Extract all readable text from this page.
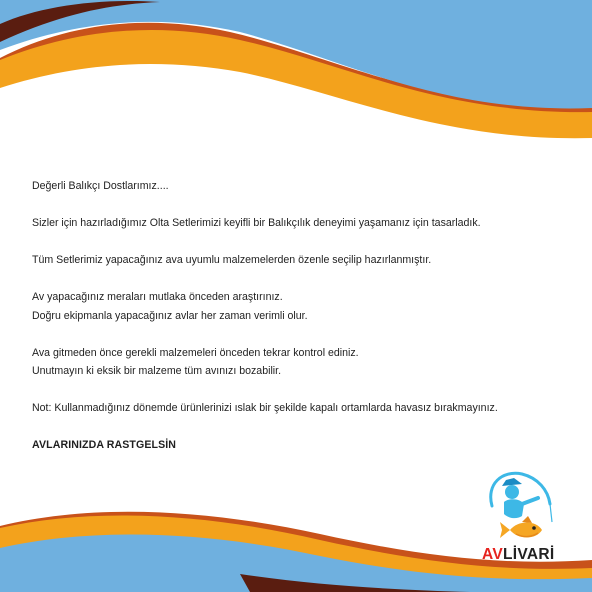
Değerli Balıkçı Dostlarımız....

Sizler için hazırladığımız Olta Setlerimizi keyifli bir Balıkçılık deneyimi yaşamanız için tasarladık.

Tüm Setlerimiz yapacağınız ava uyumlu malzemelerden özenle seçilip hazırlanmıştır.

Av yapacağınız meraları mutlaka önceden araştırınız.

Doğru ekipmanla yapacağınız avlar her zaman verimli olur.

Ava gitmeden önce gerekli malzemeleri önceden tekrar kontrol ediniz.

Unutmayın ki eksik bir malzeme tüm avınızı bozabilir.

Not: Kullanmadığınız dönemde ürünlerinizi ıslak bir şekilde kapalı ortamlarda havasız bırakmayınız.

AVLARINIZDA RASTGELSİN

AVLİVARİ
